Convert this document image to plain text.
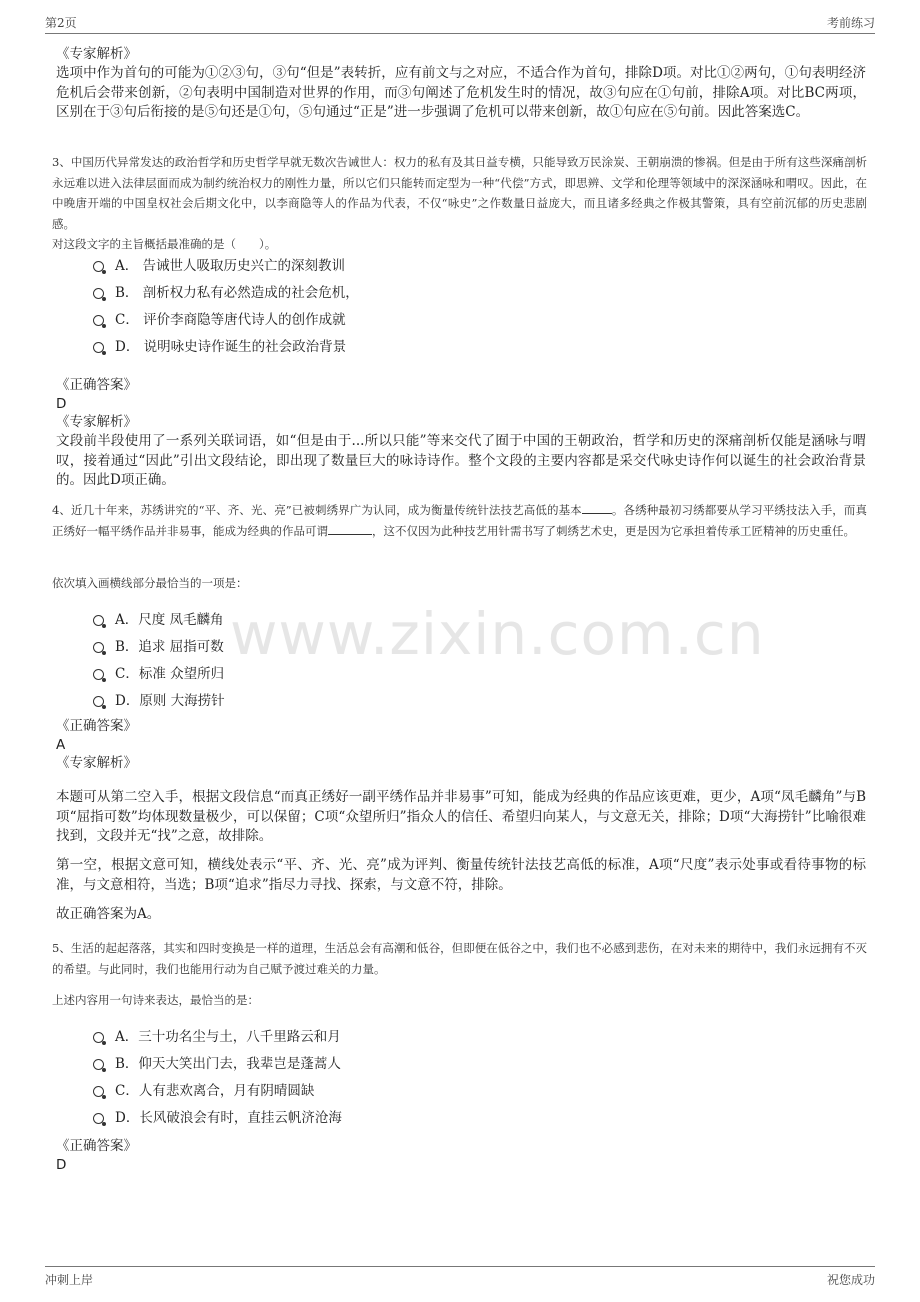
第2页	考前练习
www.zixin.com.cn

《专家解析》

选项中作为首句的可能为①②③句，③句“但是”表转折，应有前文与之对应，不适合作为首句，排除D项。对比①②两句，①句表明经济危机后会带来创新，②句表明中国制造对世界的作用，而③句阐述了危机发生时的情况，故③句应在①句前，排除A项。对比BC两项，区别在于③句后衔接的是⑤句还是①句，⑤句通过“正是”进一步强调了危机可以带来创新，故①句应在⑤句前。因此答案选C。

3、中国历代异常发达的政治哲学和历史哲学早就无数次告诫世人：权力的私有及其日益专横，只能导致万民涂炭、王朝崩溃的惨祸。但是由于所有这些深痛剖析永远难以进入法律层面而成为制约统治权力的刚性力量，所以它们只能转而定型为一种“代偿”方式，即思辨、文学和伦理等领域中的深深涵咏和喟叹。因此，在中晚唐开端的中国皇权社会后期文化中，以李商隐等人的作品为代表，不仅“咏史”之作数量日益庞大，而且诸多经典之作极其警策，具有空前沉郁的历史悲剧感。

对这段文字的主旨概括最准确的是（　　）。

A． 告诫世人吸取历史兴亡的深刻教训
B． 剖析权力私有必然造成的社会危机，
C． 评价李商隐等唐代诗人的创作成就
D． 说明咏史诗作诞生的社会政治背景

《正确答案》

D

《专家解析》

文段前半段使用了一系列关联词语，如“但是由于...所以只能”等来交代了囿于中国的王朝政治，哲学和历史的深痛剖析仅能是涵咏与喟叹，接着通过“因此”引出文段结论，即出现了数量巨大的咏诗诗作。整个文段的主要内容都是采交代咏史诗作何以诞生的社会政治背景的。因此D项正确。

4、近几十年来，苏绣讲究的“平、齐、光、亮”已被刺绣界广为认同，成为衡量传统针法技艺高低的基本	。各绣种最初习绣都要从学习平绣技法入手，而真正绣好一幅平绣作品并非易事，能成为经典的作品可谓	，这不仅因为此种技艺用针需书写了刺绣艺术史，更是因为它承担着传承工匠精神的历史重任。

依次填入画横线部分最恰当的一项是：

A．尺度 凤毛麟角
B．追求 屈指可数
C．标准 众望所归
D．原则 大海捞针

《正确答案》

A

《专家解析》

本题可从第二空入手，根据文段信息“而真正绣好一副平绣作品并非易事”可知，能成为经典的作品应该更难，更少，A项“凤毛麟角”与B项“屈指可数”均体现数量极少，可以保留；C项“众望所归”指众人的信任、希望归向某人，与文意无关，排除；D项“大海捞针”比喻很难找到，文段并无“找”之意，故排除。

第一空，根据文意可知，横线处表示“平、齐、光、亮”成为评判、衡量传统针法技艺高低的标准，A项“尺度”表示处事或看待事物的标准，与文意相符，当选；B项“追求”指尽力寻找、探索，与文意不符，排除。

故正确答案为A。

5、生活的起起落落，其实和四时变换是一样的道理，生活总会有高潮和低谷，但即便在低谷之中，我们也不必感到悲伤，在对未来的期待中，我们永远拥有不灭的希望。与此同时，我们也能用行动为自己赋予渡过难关的力量。

上述内容用一句诗来表达，最恰当的是：

A．三十功名尘与土，八千里路云和月
B．仰天大笑出门去，我辈岂是蓬蒿人
C．人有悲欢离合，月有阴晴圆缺
D．长风破浪会有时，直挂云帆济沧海

《正确答案》

D

冲刺上岸	祝您成功
